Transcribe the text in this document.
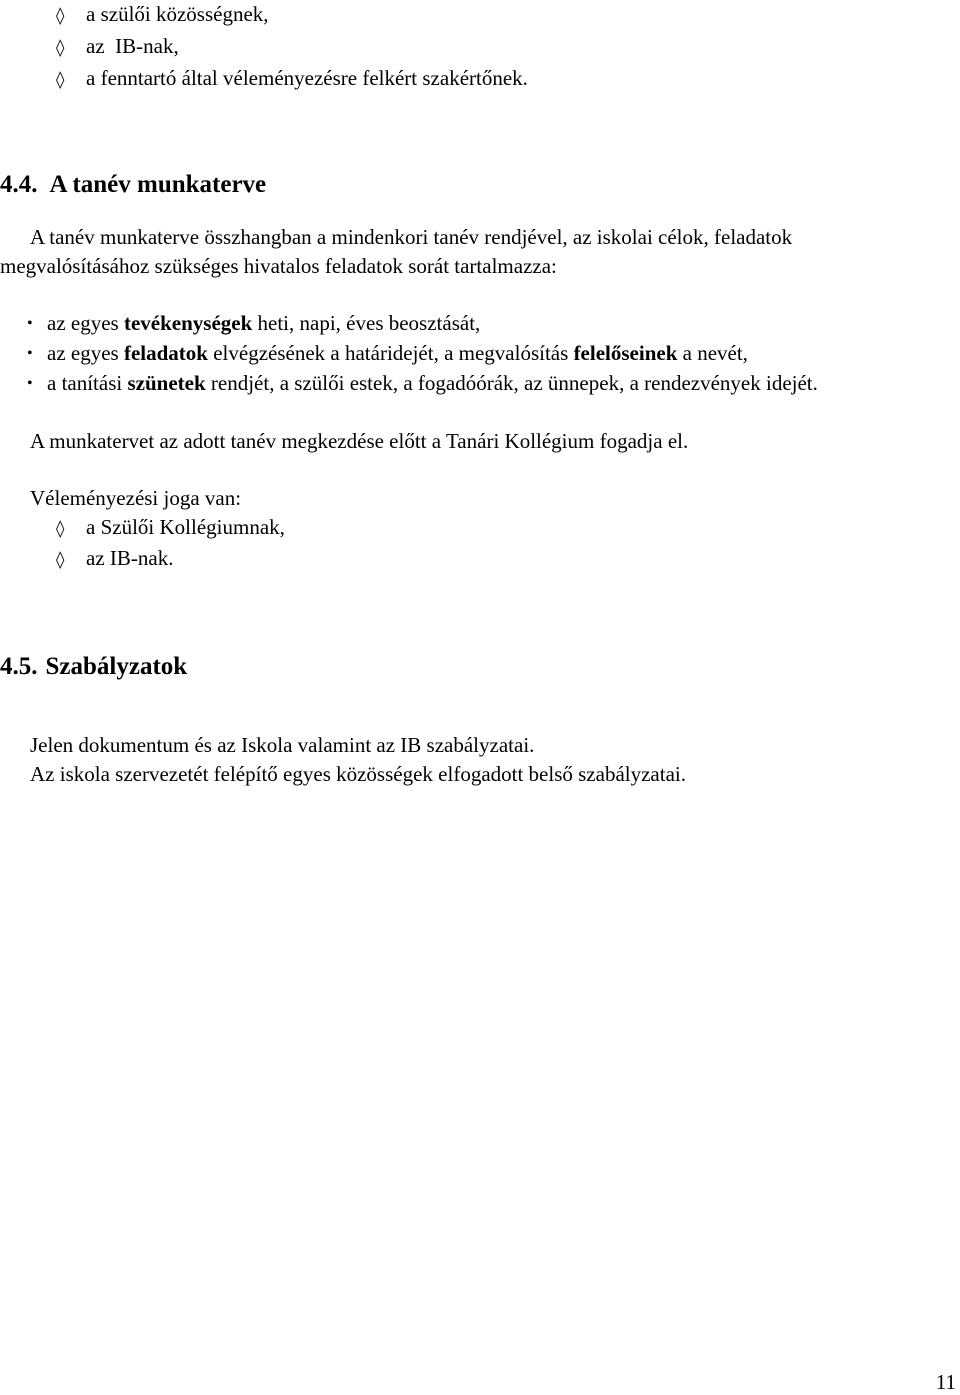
◊ a szülői közösségnek,
◊ az  IB-nak,
◊ a fenntartó által véleményezésre felkért szakértőnek.
4.4. A tanév munkaterve
A tanév munkaterve összhangban a mindenkori tanév rendjével, az iskolai célok, feladatok
megvalósításához szükséges hivatalos feladatok sorát tartalmazza:
• az egyes tevékenységek heti, napi, éves beosztását,
• az egyes feladatok elvégzésének a határidejét, a megvalósítás felelőseinek a nevét,
• a tanítási szünetek rendjét, a szülői estek, a fogadóórák, az ünnepek, a rendezvények idejét.
A munkatervet az adott tanév megkezdése előtt a Tanári Kollégium fogadja el.
Véleményezési joga van:
◊ a Szülői Kollégiumnak,
◊ az IB-nak.
4.5. Szabályzatok
Jelen dokumentum és az Iskola valamint az IB szabályzatai.
Az iskola szervezetét felépítő egyes közösségek elfogadott belső szabályzatai.
11
